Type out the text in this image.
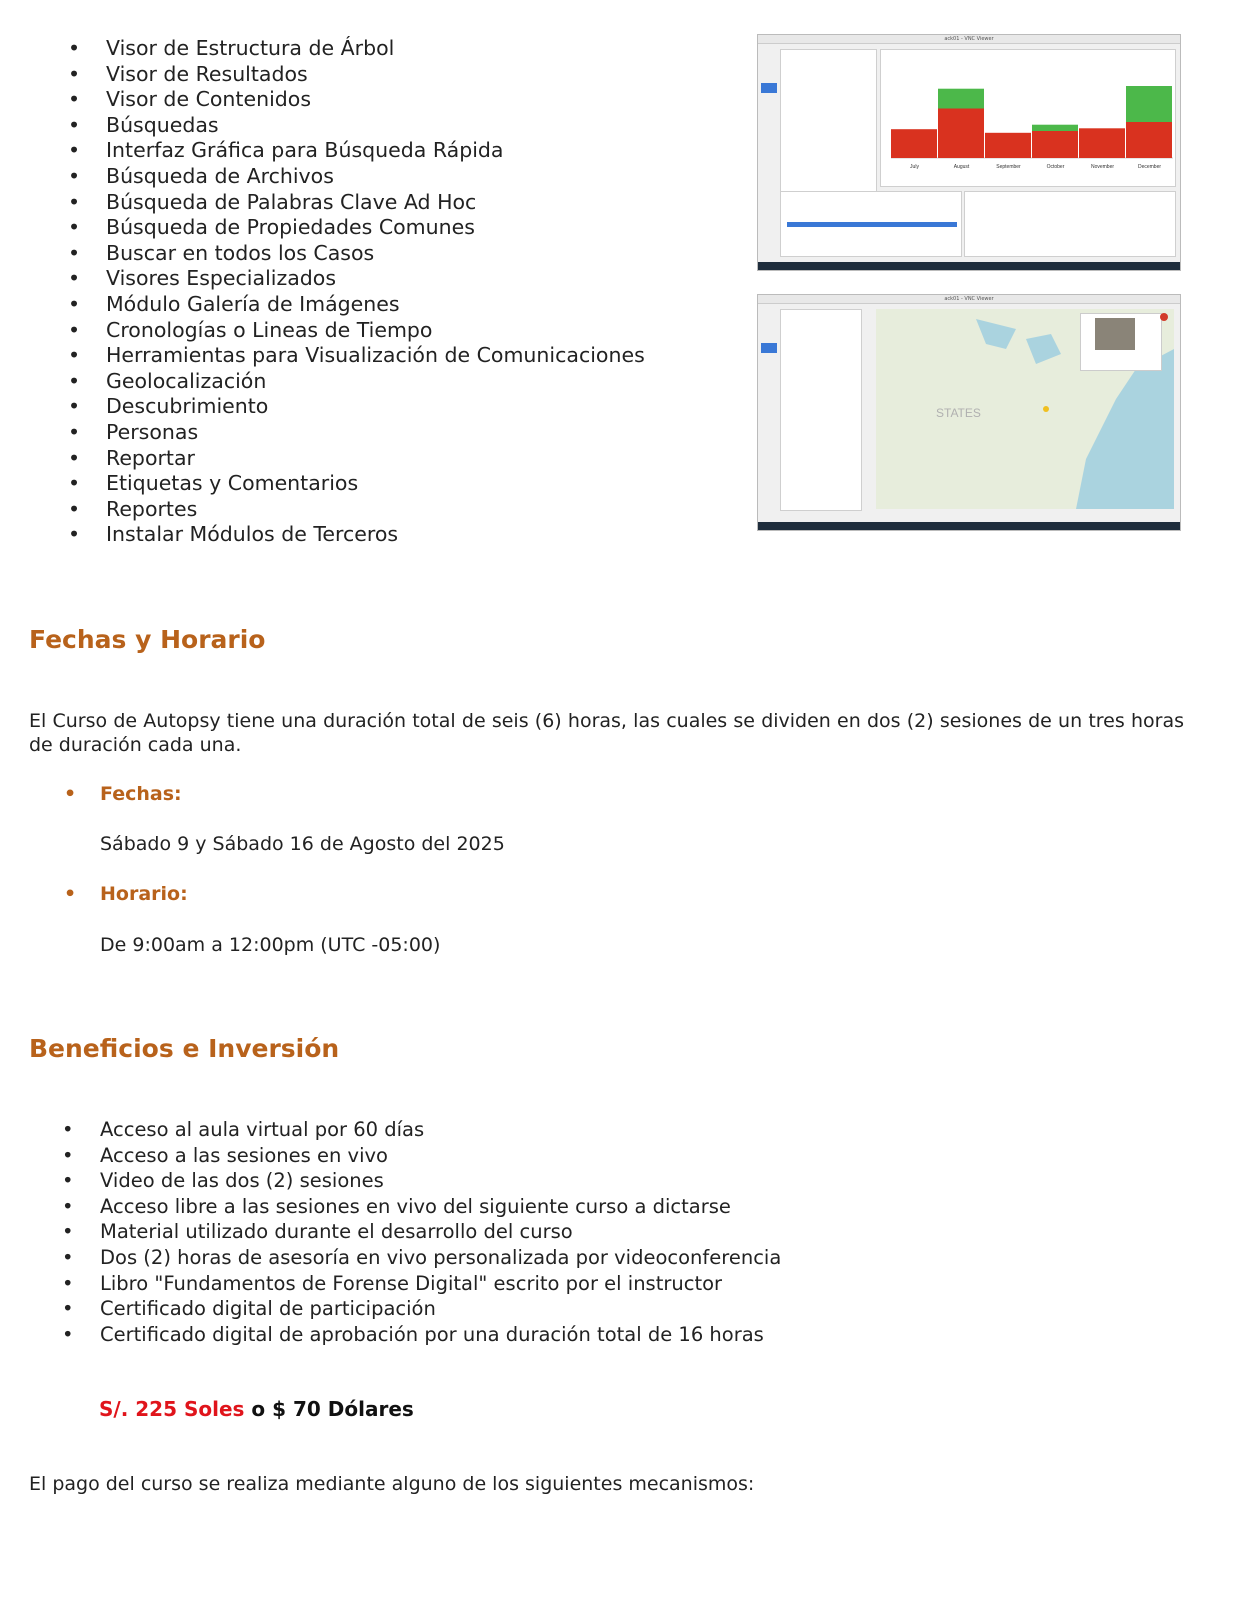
• Visor de Estructura de Árbol
• Visor de Resultados
• Visor de Contenidos
• Búsquedas
• Interfaz Gráfica para Búsqueda Rápida
• Búsqueda de Archivos
• Búsqueda de Palabras Clave Ad Hoc
• Búsqueda de Propiedades Comunes
• Buscar en todos los Casos
• Visores Especializados
• Módulo Galería de Imágenes
• Cronologías o Lineas de Tiempo
• Herramientas para Visualización de Comunicaciones
• Geolocalización
• Descubrimiento
• Personas
• Reportar
• Etiquetas y Comentarios
• Reportes
• Instalar Módulos de Terceros
ack01 - VNC Viewer
July	August	September	October	November	December
ack01 - VNC Viewer
STATES
Fechas y Horario

El Curso de Autopsy tiene una duración total de seis (6) horas, las cuales se dividen en dos (2) sesiones de un tres horas de duración cada una.

• Fechas:
Sábado 9 y Sábado 16 de Agosto del 2025
• Horario:
De 9:00am a 12:00pm (UTC -05:00)
Beneficios e Inversión
• Acceso al aula virtual por 60 días
• Acceso a las sesiones en vivo
• Video de las dos (2) sesiones
• Acceso libre a las sesiones en vivo del siguiente curso a dictarse
• Material utilizado durante el desarrollo del curso
• Dos (2) horas de asesoría en vivo personalizada por videoconferencia
• Libro "Fundamentos de Forense Digital" escrito por el instructor
• Certificado digital de participación
• Certificado digital de aprobación por una duración total de 16 horas
S/. 225 Soles o $ 70 Dólares

El pago del curso se realiza mediante alguno de los siguientes mecanismos:
